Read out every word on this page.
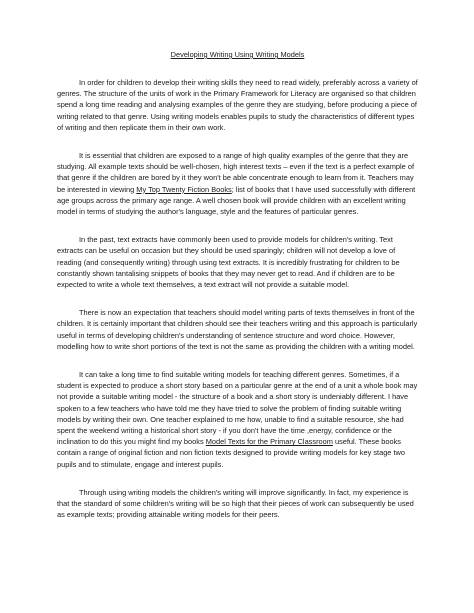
Developing Writing Using Writing Models

In order for children to develop their writing skills they need to read widely, preferably across a variety of genres. The structure of the units of work in the Primary Framework for Literacy are organised so that children spend a long time reading and analysing examples of the genre they are studying, before producing a piece of writing related to that genre. Using writing models enables pupils to study the characteristics of different types of writing and then replicate them in their own work.

It is essential that children are exposed to a range of high quality examples of the genre that they are studying. All example texts should be well-chosen, high interest texts – even if the text is a perfect example of that genre if the children are bored by it they won't be able concentrate enough to learn from it. Teachers may be interested in viewing My Top Twenty Fiction Books; list of books that I have used successfully with different age groups across the primary age range. A well chosen book will provide children with an excellent writing model in terms of studying the author's language, style and the features of particular genres.

In the past, text extracts have commonly been used to provide models for children's writing. Text extracts can be useful on occasion but they should be used sparingly; children will not develop a love of reading (and consequently writing) through using text extracts. It is incredibly frustrating for children to be constantly shown tantalising snippets of books that they may never get to read. And if children are to be expected to write a whole text themselves, a text extract will not provide a suitable model.

There is now an expectation that teachers should model writing parts of texts themselves in front of the children. It is certainly important that children should see their teachers writing and this approach is particularly useful in terms of developing children's understanding of sentence structure and word choice. However, modelling how to write short portions of the text is not the same as providing the children with a writing model.

It can take a long time to find suitable writing models for teaching different genres. Sometimes, if a student is expected to produce a short story based on a particular genre at the end of a unit a whole book may not provide a suitable writing model - the structure of a book and a short story is undeniably different. I have spoken to a few teachers who have told me they have tried to solve the problem of finding suitable writing models by writing their own. One teacher explained to me how, unable to find a suitable resource, she had spent the weekend writing a historical short story - if you don't have the time ,energy, confidence or the inclination to do this you might find my books Model Texts for the Primary Classroom useful. These books contain a range of original fiction and non fiction texts designed to provide writing models for key stage two pupils and to stimulate, engage and interest pupils.

Through using writing models the children's writing will improve significantly. In fact, my experience is that the standard of some children's writing will be so high that their pieces of work can subsequently be used as example texts; providing attainable writing models for their peers.
